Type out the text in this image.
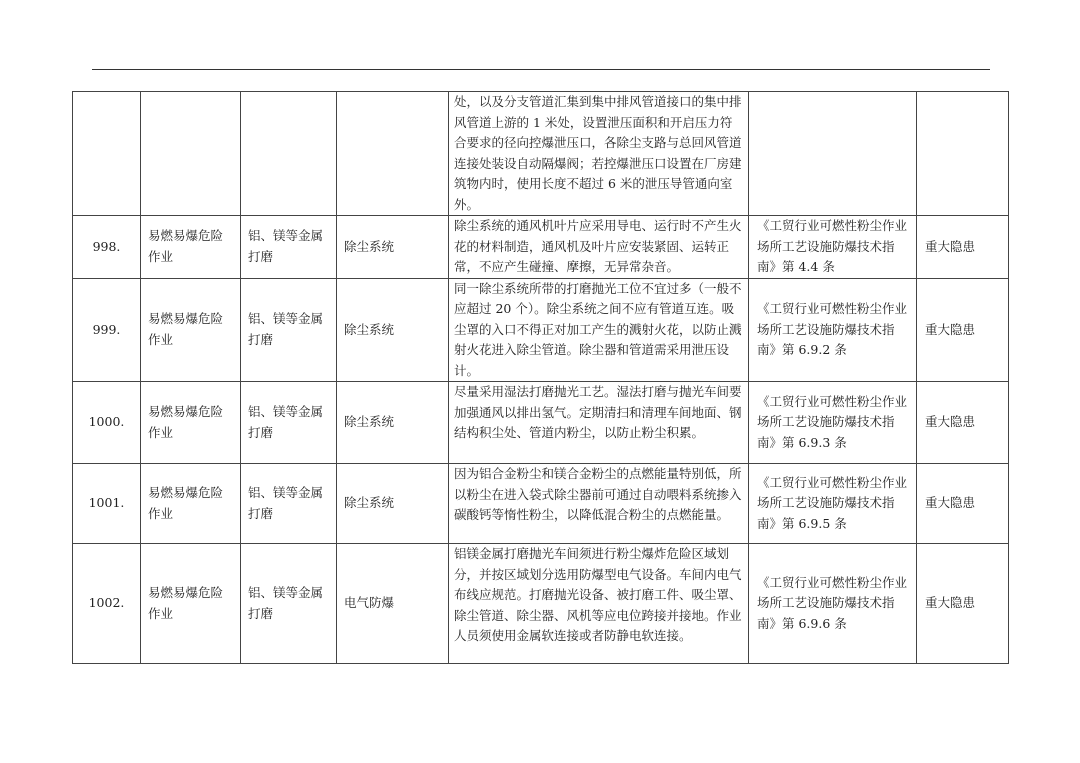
				处，以及分支管道汇集到集中排风管道接口的集中排风管道上游的 1 米处，设置泄压面积和开启压力符合要求的径向控爆泄压口，各除尘支路与总回风管道连接处装设自动隔爆阀；若控爆泄压口设置在厂房建筑物内时，使用长度不超过 6 米的泄压导管通向室外。		
998.	易燃易爆危险作业	铝、镁等金属打磨	除尘系统	除尘系统的通风机叶片应采用导电、运行时不产生火花的材料制造，通风机及叶片应安装紧固、运转正常，不应产生碰撞、摩擦，无异常杂音。	《工贸行业可燃性粉尘作业场所工艺设施防爆技术指南》第 4.4 条	重大隐患
999.	易燃易爆危险作业	铝、镁等金属打磨	除尘系统	同一除尘系统所带的打磨抛光工位不宜过多（一般不应超过 20 个）。除尘系统之间不应有管道互连。吸尘罩的入口不得正对加工产生的溅射火花，以防止溅射火花进入除尘管道。除尘器和管道需采用泄压设计。	《工贸行业可燃性粉尘作业场所工艺设施防爆技术指南》第 6.9.2 条	重大隐患
1000.	易燃易爆危险作业	铝、镁等金属打磨	除尘系统	尽量采用湿法打磨抛光工艺。湿法打磨与抛光车间要加强通风以排出氢气。定期清扫和清理车间地面、钢结构积尘处、管道内粉尘，以防止粉尘积累。	《工贸行业可燃性粉尘作业场所工艺设施防爆技术指南》第 6.9.3 条	重大隐患
1001.	易燃易爆危险作业	铝、镁等金属打磨	除尘系统	因为铝合金粉尘和镁合金粉尘的点燃能量特别低，所以粉尘在进入袋式除尘器前可通过自动喂料系统掺入碳酸钙等惰性粉尘，以降低混合粉尘的点燃能量。	《工贸行业可燃性粉尘作业场所工艺设施防爆技术指南》第 6.9.5 条	重大隐患
1002.	易燃易爆危险作业	铝、镁等金属打磨	电气防爆	铝镁金属打磨抛光车间须进行粉尘爆炸危险区域划分，并按区域划分选用防爆型电气设备。车间内电气布线应规范。打磨抛光设备、被打磨工件、吸尘罩、除尘管道、除尘器、风机等应电位跨接并接地。作业人员须使用金属软连接或者防静电软连接。	《工贸行业可燃性粉尘作业场所工艺设施防爆技术指南》第 6.9.6 条	重大隐患
